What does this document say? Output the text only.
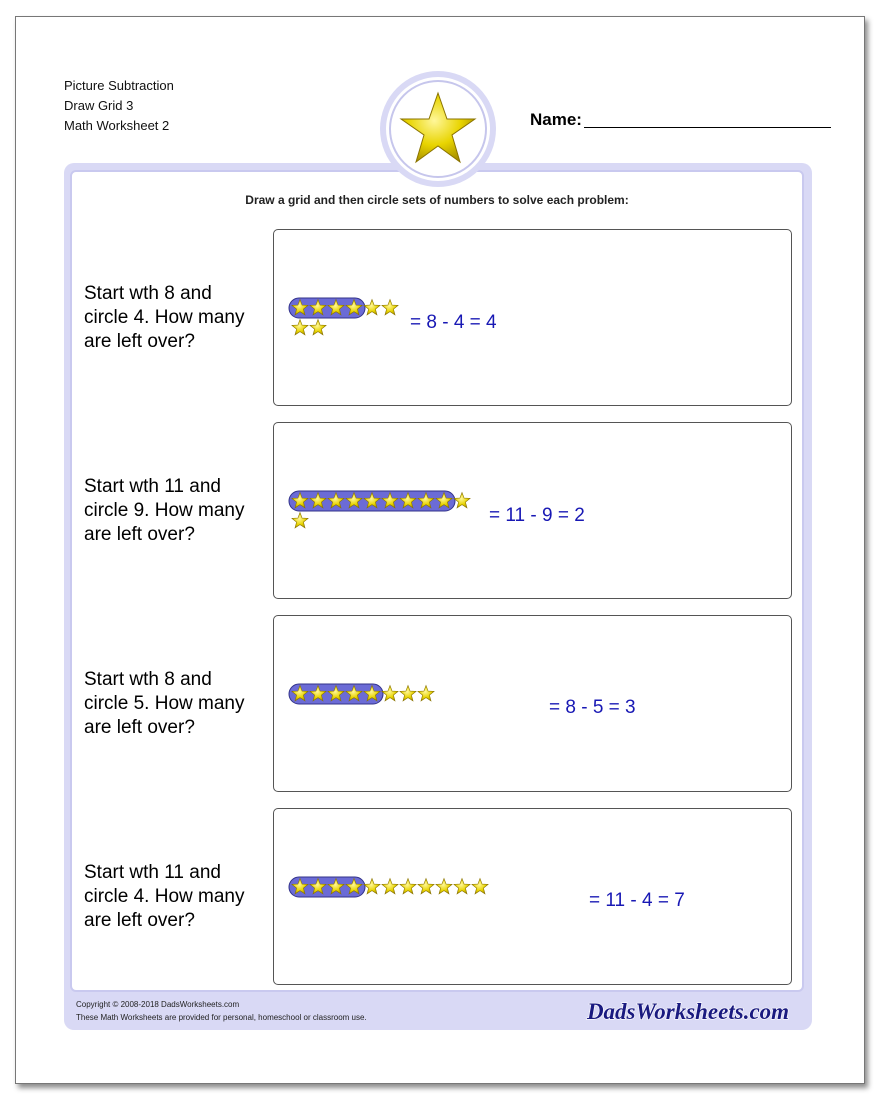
Picture Subtraction
Draw Grid 3
Math Worksheet 2	Name:
Draw a grid and then circle sets of numbers to solve each problem:
Start wth 8 and
circle 4. How many
are left over?
Start wth 11 and
circle 9. How many
are left over?
Start wth 8 and
circle 5. How many
are left over?
Start wth 11 and
circle 4. How many
are left over?
= 8 - 4 = 4
= 11 - 9 = 2
= 8 - 5 = 3
= 11 - 4 = 7
Copyright © 2008-2018 DadsWorksheets.com
These Math Worksheets are provided for personal, homeschool or classroom use.	DadsWorksheets.com
